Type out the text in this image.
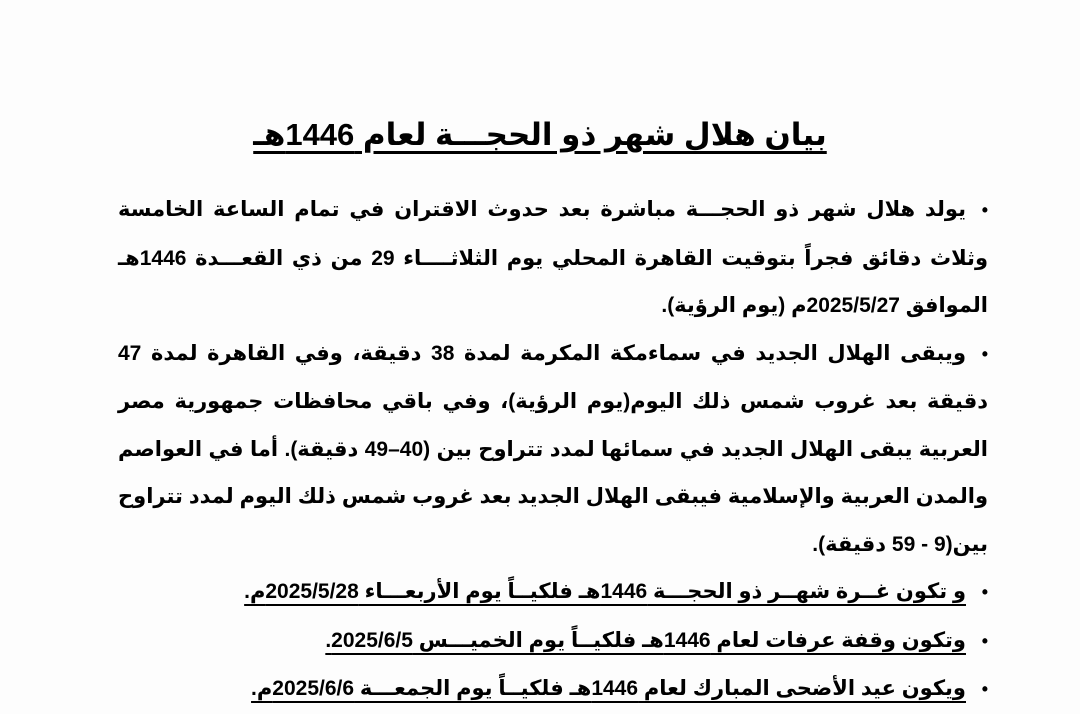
بيان هلال شهر ذو الحجـــة لعام 1446هـ

•يولد هلال شهر ذو الحجـــة مباشرة بعد حدوث الاقتران في تمام الساعة الخامسة وثلاث دقائق فجراً بتوقيت القاهرة المحلي يوم الثلاثــــاء 29 من ذي القعـــدة 1446هـ الموافق 2025/5/27م (يوم الرؤية).

•ويبقى الهلال الجديد في سماءمكة المكرمة لمدة 38 دقيقة، وفي القاهرة لمدة 47 دقيقة بعد غروب شمس ذلك اليوم(يوم الرؤية)، وفي باقي محافظات جمهورية مصر العربية يبقى الهلال الجديد في سمائها لمدد تتراوح بين (40–49 دقيقة). أما في العواصم والمدن العربية والإسلامية فيبقى الهلال الجديد بعد غروب شمس ذلك اليوم لمدد تتراوح بين(9 - 59 دقيقة).

•و تكون غــرة شهــر ذو الحجـــة 1446هـ فلكيــاً يوم الأربعـــاء 2025/5/28م.

•وتكون وقفة عرفات لعام 1446هـ فلكيــاً يوم الخميـــس 2025/6/5.

•ويكون عيد الأضحى المبارك لعام 1446هـ فلكيــاً يوم الجمعـــة 2025/6/6م.
